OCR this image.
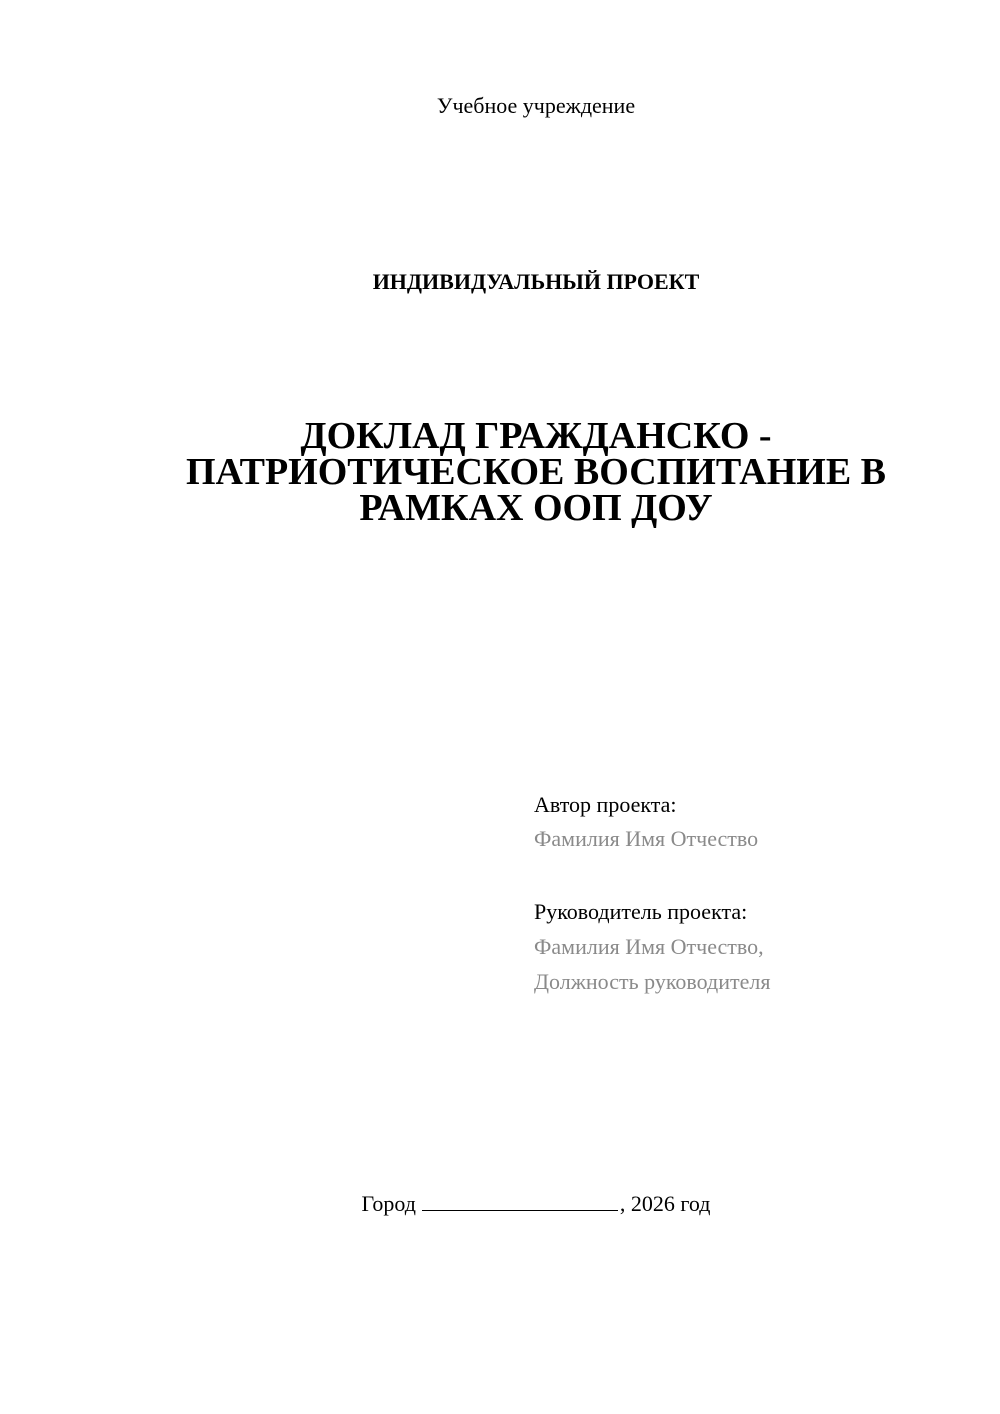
Учебное учреждение

ИНДИВИДУАЛЬНЫЙ ПРОЕКТ

ДОКЛАД ГРАЖДАНСКО -
ПАТРИОТИЧЕСКОЕ ВОСПИТАНИЕ В
РАМКАХ ООП ДОУ
Автор проекта:
Фамилия Имя Отчество
Руководитель проекта:
Фамилия Имя Отчество,
Должность руководителя

Город	, 2026 год
